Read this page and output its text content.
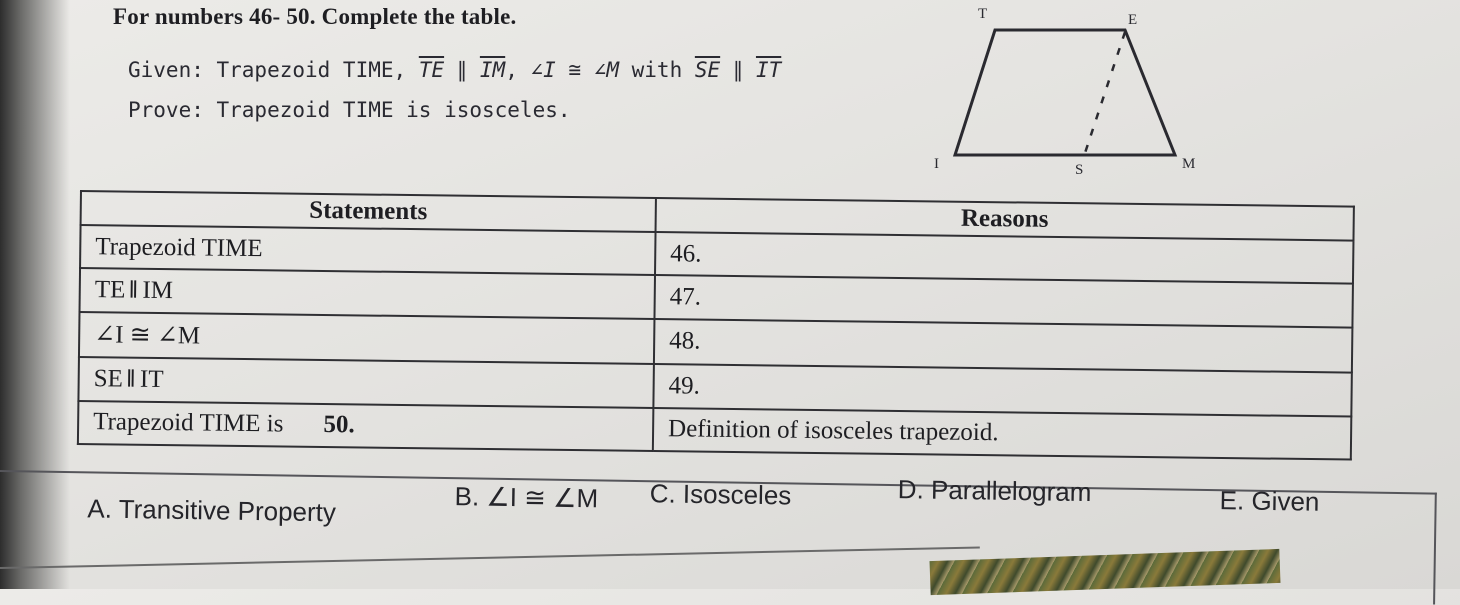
For numbers 46- 50. Complete the table.
Given: Trapezoid TIME, $\overline{TE}$ ∥ $\overline{IM}$, ∠I ≅ ∠M with $\overline{SE}$ ∥ $\overline{IT}$
Prove: Trapezoid TIME is isosceles.
T	E
I	S	M
Statements	Reasons
Trapezoid TIME	46.
TE ‖ IM	47.
∠I ≅ ∠M	48.
SE ‖ IT	49.
Trapezoid TIME is 50.	Definition of isosceles trapezoid.
A. Transitive Property	B. ∠I ≅ ∠M C. Isosceles	D. Parallelogram	E. Given
